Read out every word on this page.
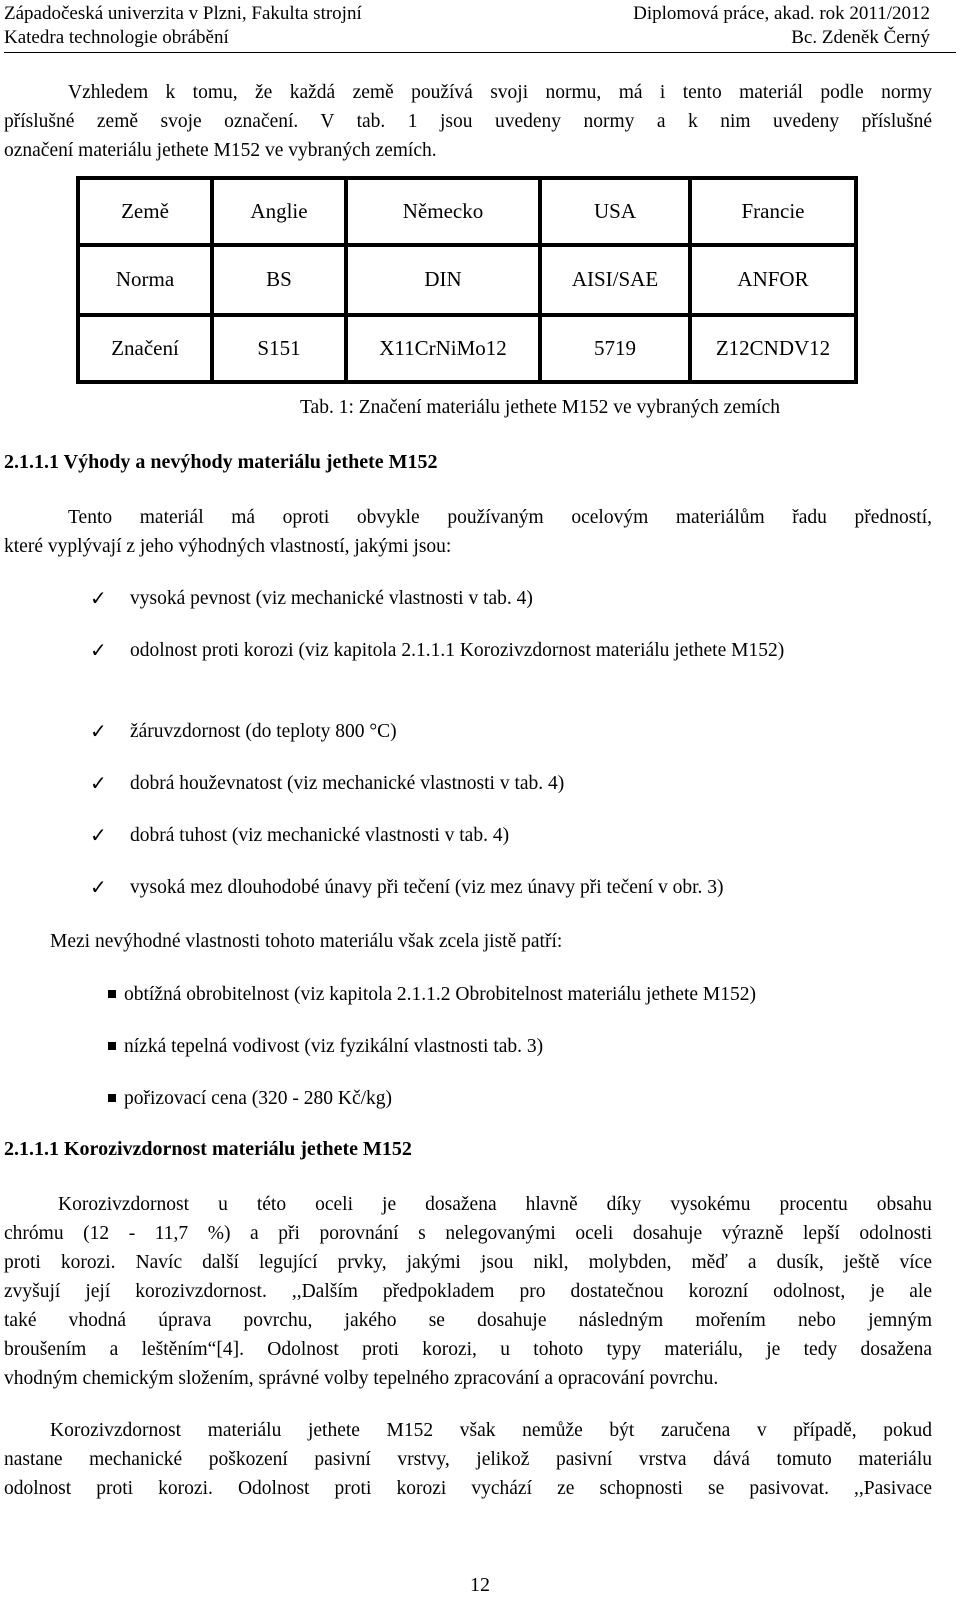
Západočeská univerzita v Plzni, Fakulta strojní	Diplomová práce, akad. rok 2011/2012
Katedra technologie obrábění	Bc. Zdeněk Černý
Vzhledem k tomu, že každá země používá svoji normu, má i tento materiál podle normy
příslušné země svoje označení. V tab. 1 jsou uvedeny normy a k nim uvedeny příslušné
označení materiálu jethete M152 ve vybraných zemích.
Země	Anglie	Německo	USA	Francie
Norma	BS	DIN	AISI/SAE	ANFOR
Značení	S151	X11CrNiMo12	5719	Z12CNDV12
Tab. 1: Značení materiálu jethete M152 ve vybraných zemích
2.1.1.1 Výhody a nevýhody materiálu jethete M152
Tento materiál má oproti obvykle používaným ocelovým materiálům řadu předností,
které vyplývají z jeho výhodných vlastností, jakými jsou:
✓ vysoká pevnost (viz mechanické vlastnosti v tab. 4)
✓ odolnost proti korozi (viz kapitola 2.1.1.1 Korozivzdornost materiálu jethete M152)
✓ žáruvzdornost (do teploty 800 °C)
✓ dobrá houževnatost (viz mechanické vlastnosti v tab. 4)
✓ dobrá tuhost (viz mechanické vlastnosti v tab. 4)
✓ vysoká mez dlouhodobé únavy při tečení (viz mez únavy při tečení v obr. 3)
Mezi nevýhodné vlastnosti tohoto materiálu však zcela jistě patří:
obtížná obrobitelnost (viz kapitola 2.1.1.2 Obrobitelnost materiálu jethete M152)
nízká tepelná vodivost (viz fyzikální vlastnosti tab. 3)
pořizovací cena (320 - 280 Kč/kg)
2.1.1.1 Korozivzdornost materiálu jethete M152
Korozivzdornost u této oceli je dosažena hlavně díky vysokému procentu obsahu
chrómu (12 - 11,7 %) a při porovnání s nelegovanými oceli dosahuje výrazně lepší odolnosti
proti korozi. Navíc další legující prvky, jakými jsou nikl, molybden, měď a dusík, ještě více
zvyšují její korozivzdornost. ,,Dalším předpokladem pro dostatečnou korozní odolnost, je ale
také vhodná úprava povrchu, jakého se dosahuje následným mořením nebo jemným
broušením a leštěním“[4]. Odolnost proti korozi, u tohoto typy materiálu, je tedy dosažena
vhodným chemickým složením, správné volby tepelného zpracování a opracování povrchu.
Korozivzdornost materiálu jethete M152 však nemůže být zaručena v případě, pokud
nastane mechanické poškození pasivní vrstvy, jelikož pasivní vrstva dává tomuto materiálu
odolnost proti korozi. Odolnost proti korozi vychází ze schopnosti se pasivovat. ,,Pasivace
12
